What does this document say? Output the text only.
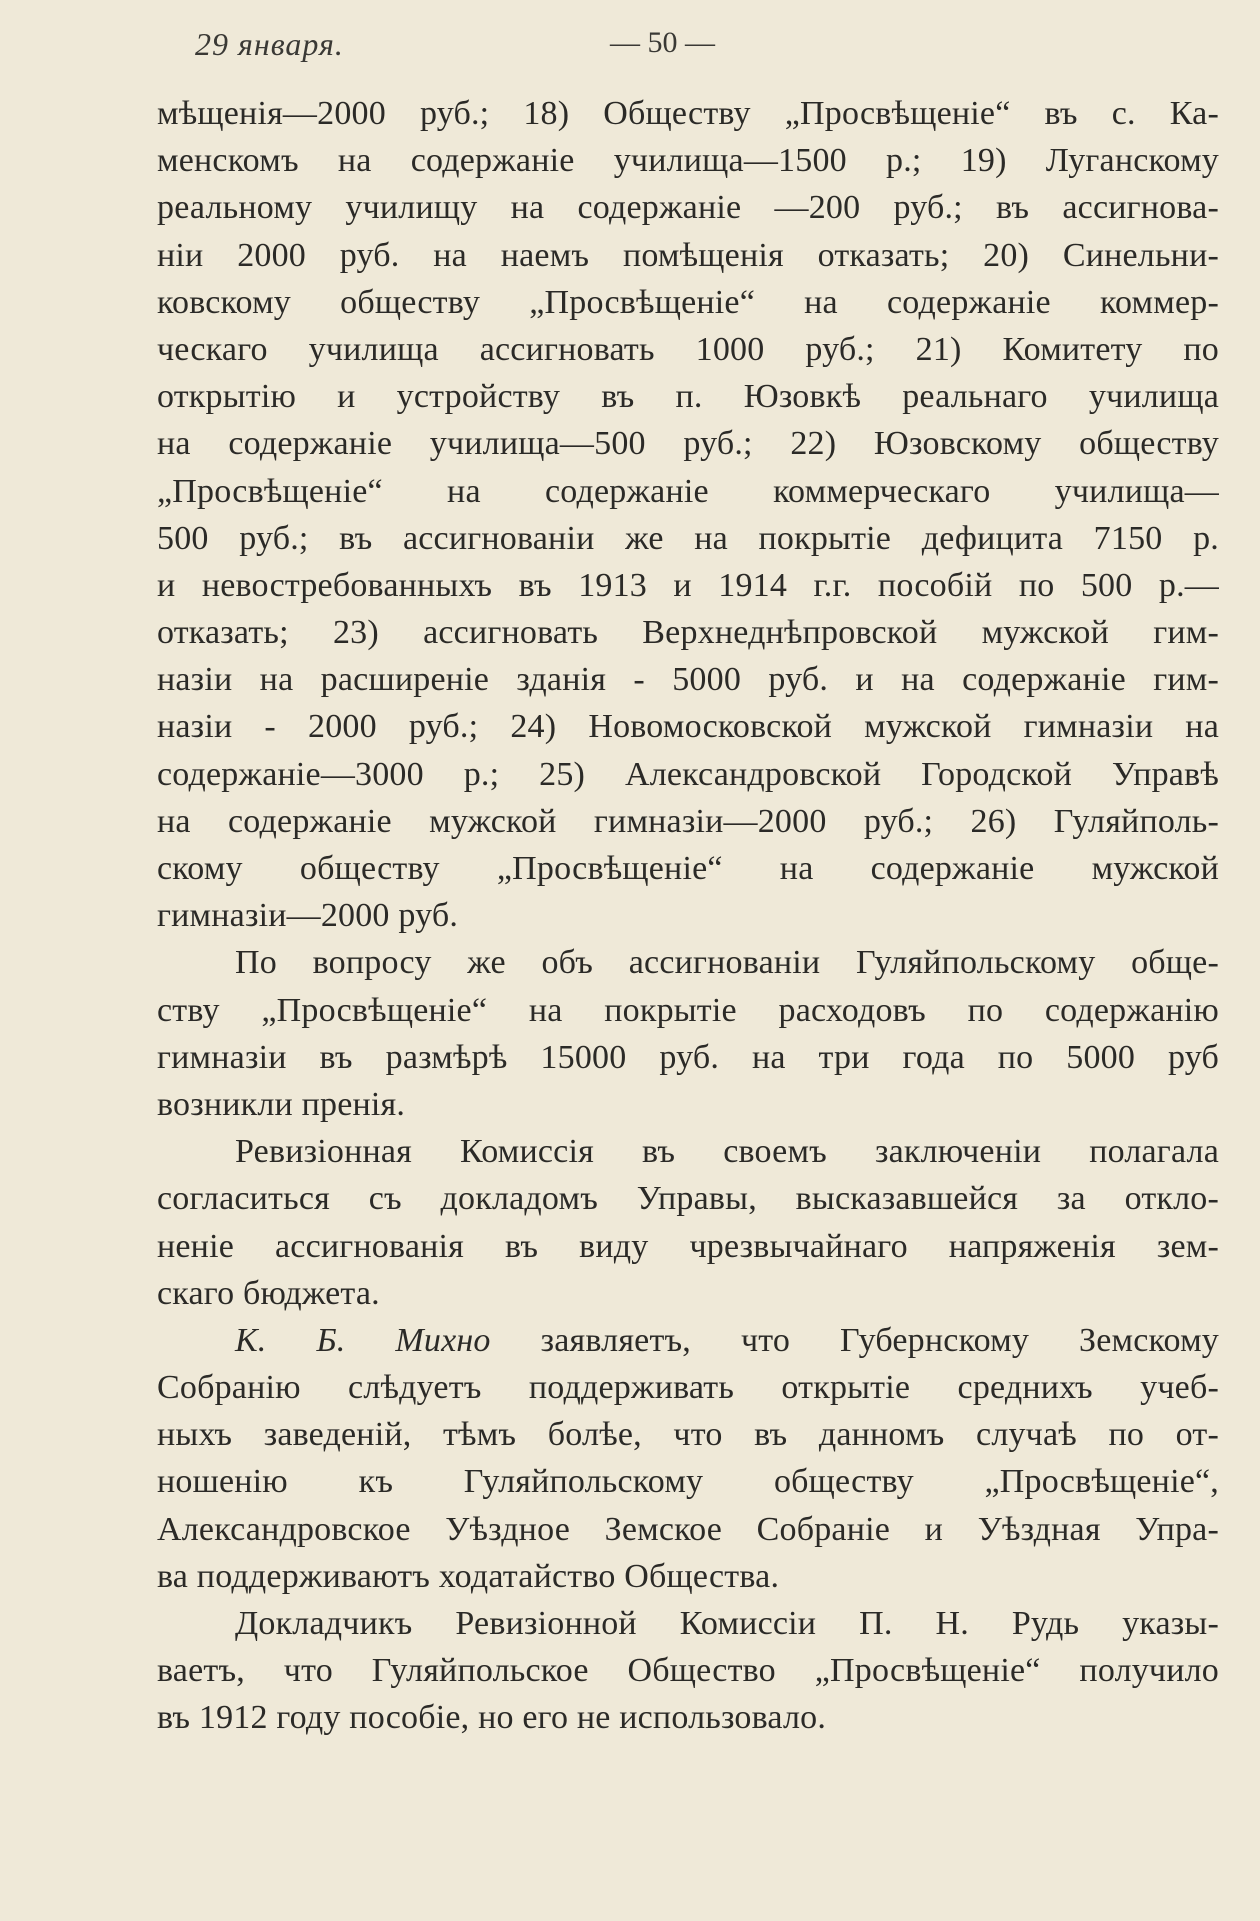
29 января.	— 50 —
мѣщенія—2000 руб.; 18) Обществу „Просвѣщеніе“ въ с. Ка-
менскомъ на содержаніе училища—1500 р.; 19) Луганскому
реальному училищу на содержаніе —200 руб.; въ ассигнова-
ніи 2000 руб. на наемъ помѣщенія отказать; 20) Синельни-
ковскому обществу „Просвѣщеніе“ на содержаніе коммер-
ческаго училища ассигновать 1000 руб.; 21) Комитету по
открытію и устройству въ п. Юзовкѣ реальнаго училища
на содержаніе училища—500 руб.; 22) Юзовскому обществу
„Просвѣщеніе“ на содержаніе коммерческаго училища—
500 руб.; въ ассигнованіи же на покрытіе дефицита 7150 р.
и невостребованныхъ въ 1913 и 1914 г.г. пособій по 500 р.—
отказать; 23) ассигновать Верхнеднѣпровской мужской гим-
назіи на расширеніе зданія - 5000 руб. и на содержаніе гим-
назіи - 2000 руб.; 24) Новомосковской мужской гимназіи на
содержаніе—3000 р.; 25) Александровской Городской Управѣ
на содержаніе мужской гимназіи—2000 руб.; 26) Гуляйполь-
скому обществу „Просвѣщеніе“ на содержаніе мужской
гимназіи—2000 руб.
По вопросу же объ ассигнованіи Гуляйпольскому обще-
ству „Просвѣщеніе“ на покрытіе расходовъ по содержанію
гимназіи въ размѣрѣ 15000 руб. на три года по 5000 руб
возникли пренія.
Ревизіонная Комиссія въ своемъ заключеніи полагала
согласиться съ докладомъ Управы, высказавшейся за откло-
неніе ассигнованія въ виду чрезвычайнаго напряженія зем-
скаго бюджета.
К. Б. Михно заявляетъ, что Губернскому Земскому
Собранію слѣдуетъ поддерживать открытіе среднихъ учеб-
ныхъ заведеній, тѣмъ болѣе, что въ данномъ случаѣ по от-
ношенію къ Гуляйпольскому обществу „Просвѣщеніе“,
Александровское Уѣздное Земское Собраніе и Уѣздная Упра-
ва поддерживаютъ ходатайство Общества.
Докладчикъ Ревизіонной Комиссіи П. Н. Рудь указы-
ваетъ, что Гуляйпольское Общество „Просвѣщеніе“ получило
въ 1912 году пособіе, но его не использовало.
